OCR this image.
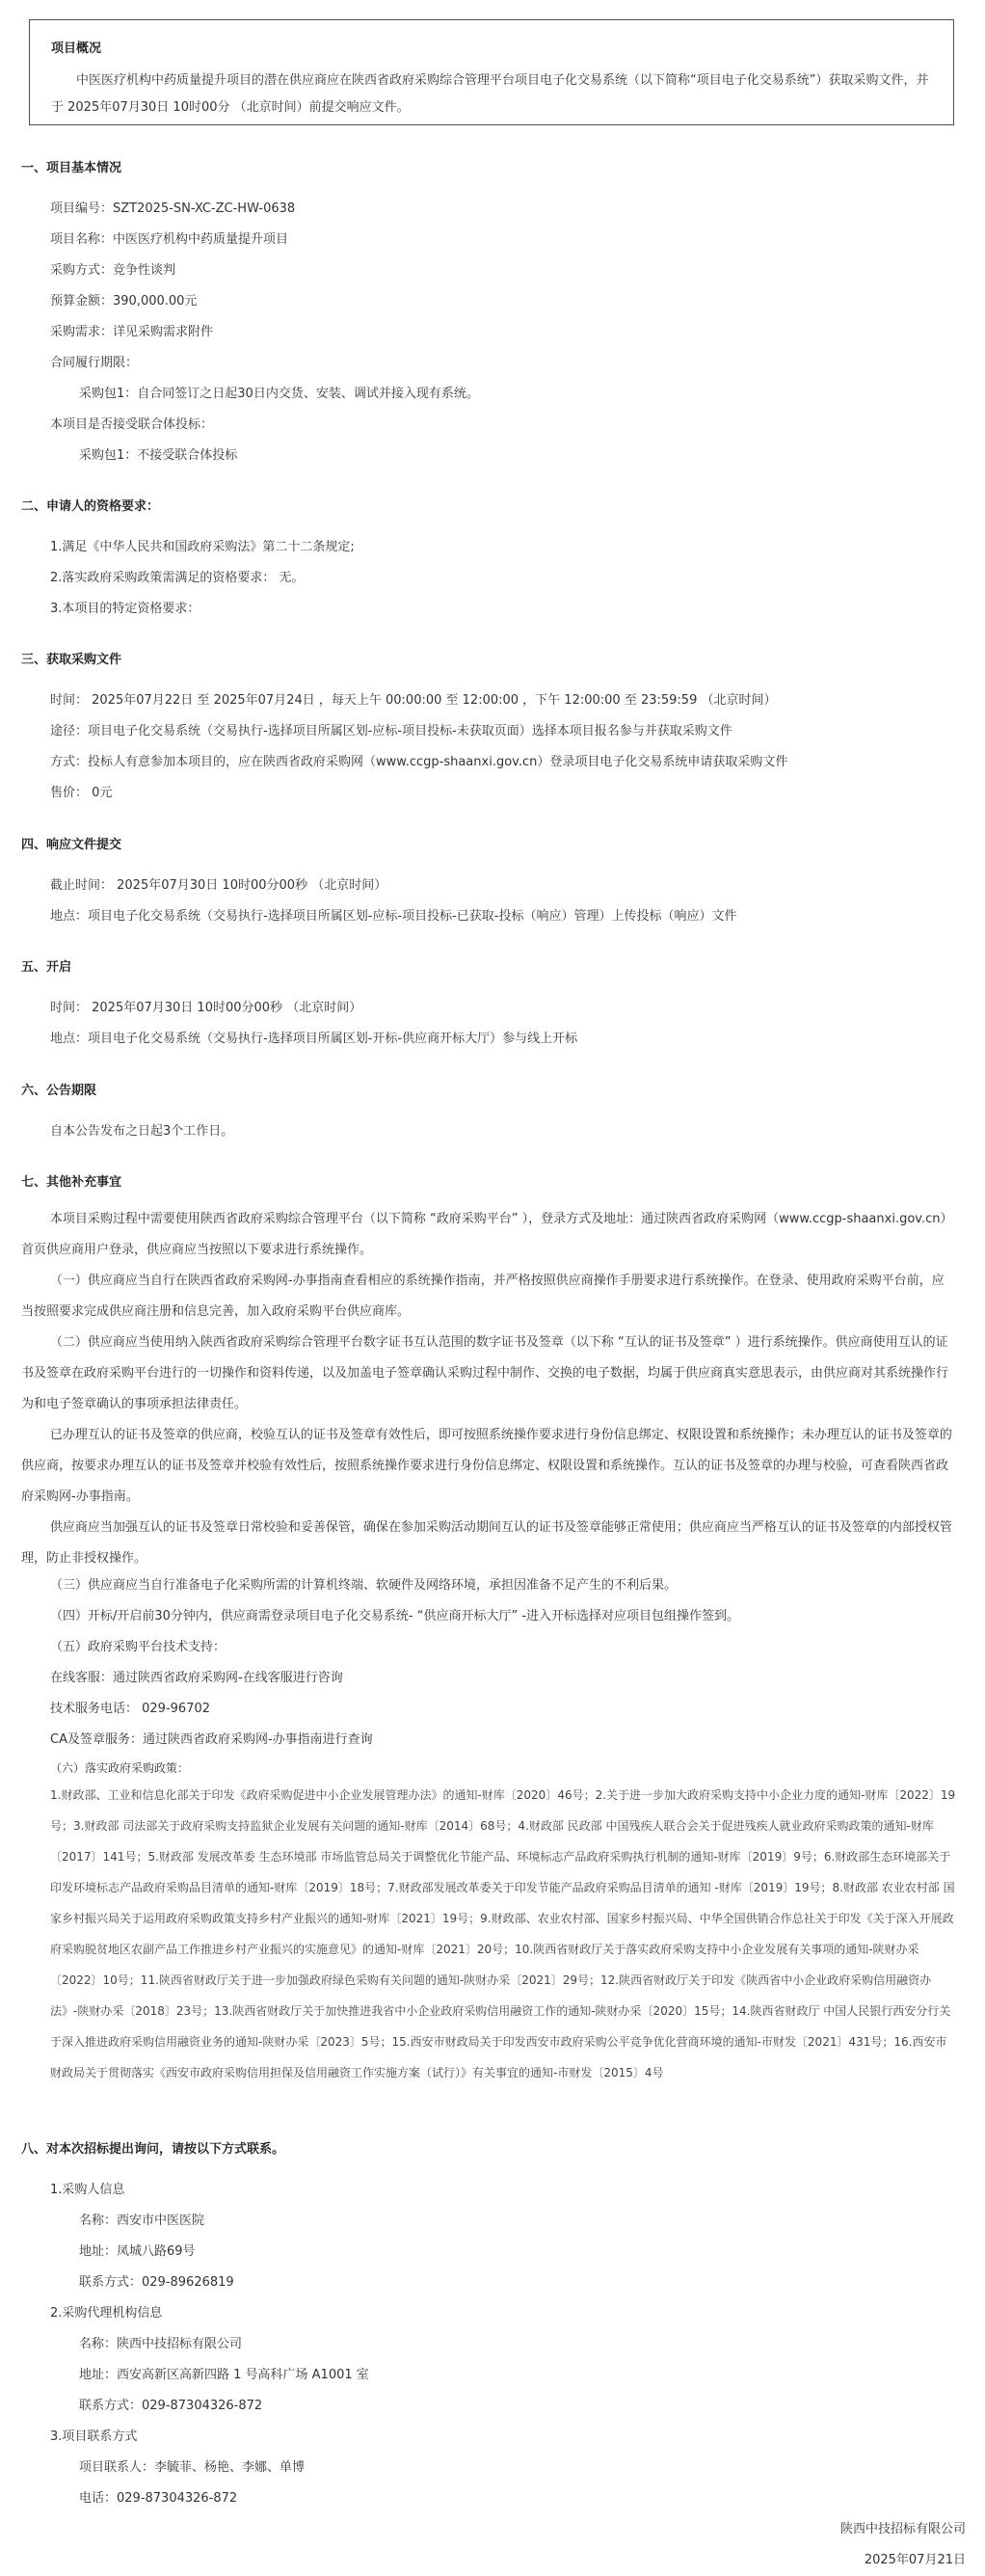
项目概况
中医医疗机构中药质量提升项目的潜在供应商应在陕西省政府采购综合管理平台项目电子化交易系统（以下简称“项目电子化交易系统”）获取采购文件，并于 2025年07月30日 10时00分 （北京时间）前提交响应文件。
一、项目基本情况
项目编号：SZT2025-SN-XC-ZC-HW-0638
项目名称：中医医疗机构中药质量提升项目
采购方式：竞争性谈判
预算金额：390,000.00元
采购需求：详见采购需求附件
合同履行期限：
采购包1：自合同签订之日起30日内交货、安装、调试并接入现有系统。
本项目是否接受联合体投标：
采购包1：不接受联合体投标
二、申请人的资格要求：
1.满足《中华人民共和国政府采购法》第二十二条规定;
2.落实政府采购政策需满足的资格要求： 无。
3.本项目的特定资格要求：
三、获取采购文件
时间： 2025年07月22日 至 2025年07月24日 ，每天上午 00:00:00 至 12:00:00 ，下午 12:00:00 至 23:59:59 （北京时间）
途径：项目电子化交易系统（交易执行-选择项目所属区划-应标-项目投标-未获取页面）选择本项目报名参与并获取采购文件
方式：投标人有意参加本项目的，应在陕西省政府采购网（www.ccgp-shaanxi.gov.cn）登录项目电子化交易系统申请获取采购文件
售价： 0元
四、响应文件提交
截止时间： 2025年07月30日 10时00分00秒 （北京时间）
地点：项目电子化交易系统（交易执行-选择项目所属区划-应标-项目投标-已获取-投标（响应）管理）上传投标（响应）文件
五、开启
时间： 2025年07月30日 10时00分00秒 （北京时间）
地点：项目电子化交易系统（交易执行-选择项目所属区划-开标-供应商开标大厅）参与线上开标
六、公告期限
自本公告发布之日起3个工作日。
七、其他补充事宜
本项目采购过程中需要使用陕西省政府采购综合管理平台（以下简称 “政府采购平台” ），登录方式及地址：通过陕西省政府采购网（www.ccgp-shaanxi.gov.cn）首页供应商用户登录，供应商应当按照以下要求进行系统操作。
（一）供应商应当自行在陕西省政府采购网-办事指南查看相应的系统操作指南，并严格按照供应商操作手册要求进行系统操作。在登录、使用政府采购平台前，应当按照要求完成供应商注册和信息完善，加入政府采购平台供应商库。
（二）供应商应当使用纳入陕西省政府采购综合管理平台数字证书互认范围的数字证书及签章（以下称 “互认的证书及签章” ）进行系统操作。供应商使用互认的证书及签章在政府采购平台进行的一切操作和资料传递，以及加盖电子签章确认采购过程中制作、交换的电子数据，均属于供应商真实意思表示，由供应商对其系统操作行为和电子签章确认的事项承担法律责任。
已办理互认的证书及签章的供应商，校验互认的证书及签章有效性后，即可按照系统操作要求进行身份信息绑定、权限设置和系统操作；未办理互认的证书及签章的供应商，按要求办理互认的证书及签章并校验有效性后，按照系统操作要求进行身份信息绑定、权限设置和系统操作。互认的证书及签章的办理与校验，可查看陕西省政府采购网-办事指南。
供应商应当加强互认的证书及签章日常校验和妥善保管，确保在参加采购活动期间互认的证书及签章能够正常使用；供应商应当严格互认的证书及签章的内部授权管理，防止非授权操作。
（三）供应商应当自行准备电子化采购所需的计算机终端、软硬件及网络环境，承担因准备不足产生的不利后果。
（四）开标/开启前30分钟内，供应商需登录项目电子化交易系统- “供应商开标大厅” -进入开标选择对应项目包组操作签到。
（五）政府采购平台技术支持：
在线客服：通过陕西省政府采购网-在线客服进行咨询
技术服务电话： 029-96702
CA及签章服务：通过陕西省政府采购网-办事指南进行查询
（六）落实政府采购政策：
1.财政部、工业和信息化部关于印发《政府采购促进中小企业发展管理办法》的通知-财库〔2020〕46号；2.关于进一步加大政府采购支持中小企业力度的通知-财库〔2022〕19号；3.财政部 司法部关于政府采购支持监狱企业发展有关问题的通知-财库〔2014〕68号；4.财政部 民政部 中国残疾人联合会关于促进残疾人就业政府采购政策的通知-财库〔2017〕141号；5.财政部 发展改革委 生态环境部 市场监管总局关于调整优化节能产品、环境标志产品政府采购执行机制的通知-财库〔2019〕9号；6.财政部生态环境部关于印发环境标志产品政府采购品目清单的通知-财库〔2019〕18号；7.财政部发展改革委关于印发节能产品政府采购品目清单的通知 -财库〔2019〕19号；8.财政部 农业农村部 国家乡村振兴局关于运用政府采购政策支持乡村产业振兴的通知-财库〔2021〕19号；9.财政部、农业农村部、国家乡村振兴局、中华全国供销合作总社关于印发《关于深入开展政府采购脱贫地区农副产品工作推进乡村产业振兴的实施意见》的通知-财库〔2021〕20号；10.陕西省财政厅关于落实政府采购支持中小企业发展有关事项的通知-陕财办采〔2022〕10号；11.陕西省财政厅关于进一步加强政府绿色采购有关问题的通知-陕财办采〔2021〕29号；12.陕西省财政厅关于印发《陕西省中小企业政府采购信用融资办法》-陕财办采〔2018〕23号；13.陕西省财政厅关于加快推进我省中小企业政府采购信用融资工作的通知-陕财办采〔2020〕15号；14.陕西省财政厅 中国人民银行西安分行关于深入推进政府采购信用融资业务的通知-陕财办采〔2023〕5号；15.西安市财政局关于印发西安市政府采购公平竞争优化营商环境的通知-市财发〔2021〕431号；16.西安市财政局关于贯彻落实《西安市政府采购信用担保及信用融资工作实施方案（试行）》有关事宜的通知-市财发〔2015〕4号
八、对本次招标提出询问，请按以下方式联系。
1.采购人信息
名称：西安市中医医院
地址：凤城八路69号
联系方式：029-89626819
2.采购代理机构信息
名称：陕西中技招标有限公司
地址：西安高新区高新四路 1 号高科广场 A1001 室
联系方式：029-87304326-872
3.项目联系方式
项目联系人：李毓菲、杨艳、李娜、单博
电话：029-87304326-872
陕西中技招标有限公司
2025年07月21日
